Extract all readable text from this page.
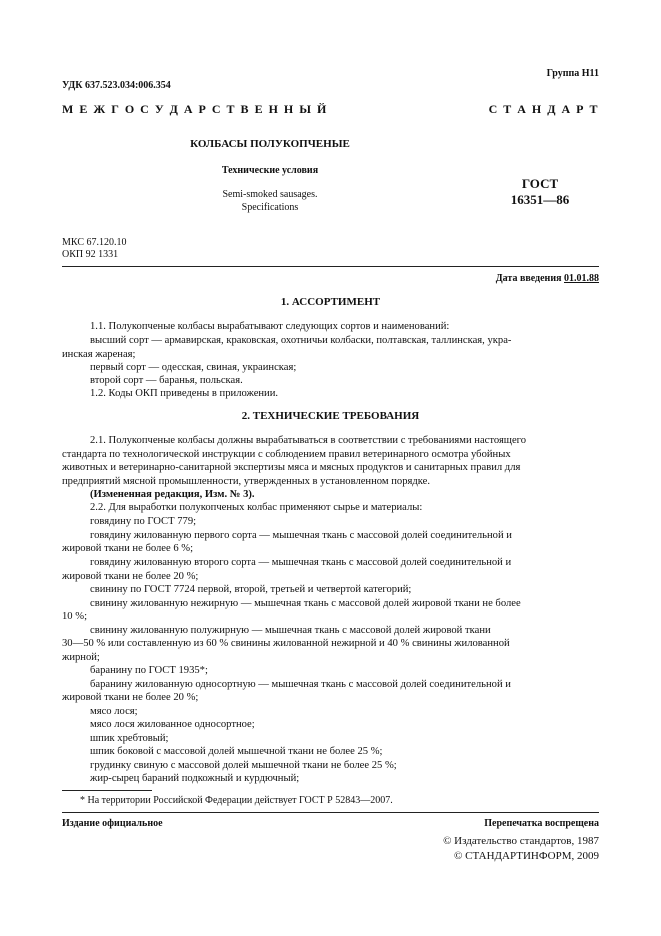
УДК 637.523.034:006.354
Группа Н11
М Е Ж Г О С У Д А Р С Т В Е Н Н Ы Й	С Т А Н Д А Р Т
КОЛБАСЫ ПОЛУКОПЧЕНЫЕ
Технические условия
Semi-smoked sausages.
Specifications
ГОСТ
16351—86
МКС 67.120.10
ОКП 92 1331
Дата введения 01.01.88
1. АССОРТИМЕНТ
1.1. Полукопченые колбасы вырабатывают следующих сортов и наименований:
высший сорт — армавирская, краковская, охотничьи колбаски, полтавская, таллинская, укра-
инская жареная;
первый сорт — одесская, свиная, украинская;
второй сорт — баранья, польская.
1.2. Коды ОКП приведены в приложении.
2. ТЕХНИЧЕСКИЕ ТРЕБОВАНИЯ
2.1. Полукопченые колбасы должны вырабатываться в соответствии с требованиями настоящего
стандарта по технологической инструкции с соблюдением правил ветеринарного осмотра убойных
животных и ветеринарно-санитарной экспертизы мяса и мясных продуктов и санитарных правил для
предприятий мясной промышленности, утвержденных в установленном порядке.
(Измененная редакция, Изм. № 3).
2.2. Для выработки полукопченых колбас применяют сырье и материалы:
говядину по ГОСТ 779;
говядину жилованную первого сорта — мышечная ткань с массовой долей соединительной и
жировой ткани не более 6 %;
говядину жилованную второго сорта — мышечная ткань с массовой долей соединительной и
жировой ткани не более 20 %;
свинину по ГОСТ 7724 первой, второй, третьей и четвертой категорий;
свинину жилованную нежирную — мышечная ткань с массовой долей жировой ткани не более
10 %;
свинину жилованную полужирную — мышечная ткань с массовой долей жировой ткани
30—50 % или составленную из 60 % свинины жилованной нежирной и 40 % свинины жилованной
жирной;
баранину по ГОСТ 1935*;
баранину жилованную односортную — мышечная ткань с массовой долей соединительной и
жировой ткани не более 20 %;
мясо лося;
мясо лося жилованное односортное;
шпик хребтовый;
шпик боковой с массовой долей мышечной ткани не более 25 %;
грудинку свиную с массовой долей мышечной ткани не более 25 %;
жир-сырец бараний подкожный и курдючный;
* На территории Российской Федерации действует ГОСТ Р 52843—2007.
Издание официальное	Перепечатка воспрещена
© Издательство стандартов, 1987
© СТАНДАРТИНФОРМ, 2009
